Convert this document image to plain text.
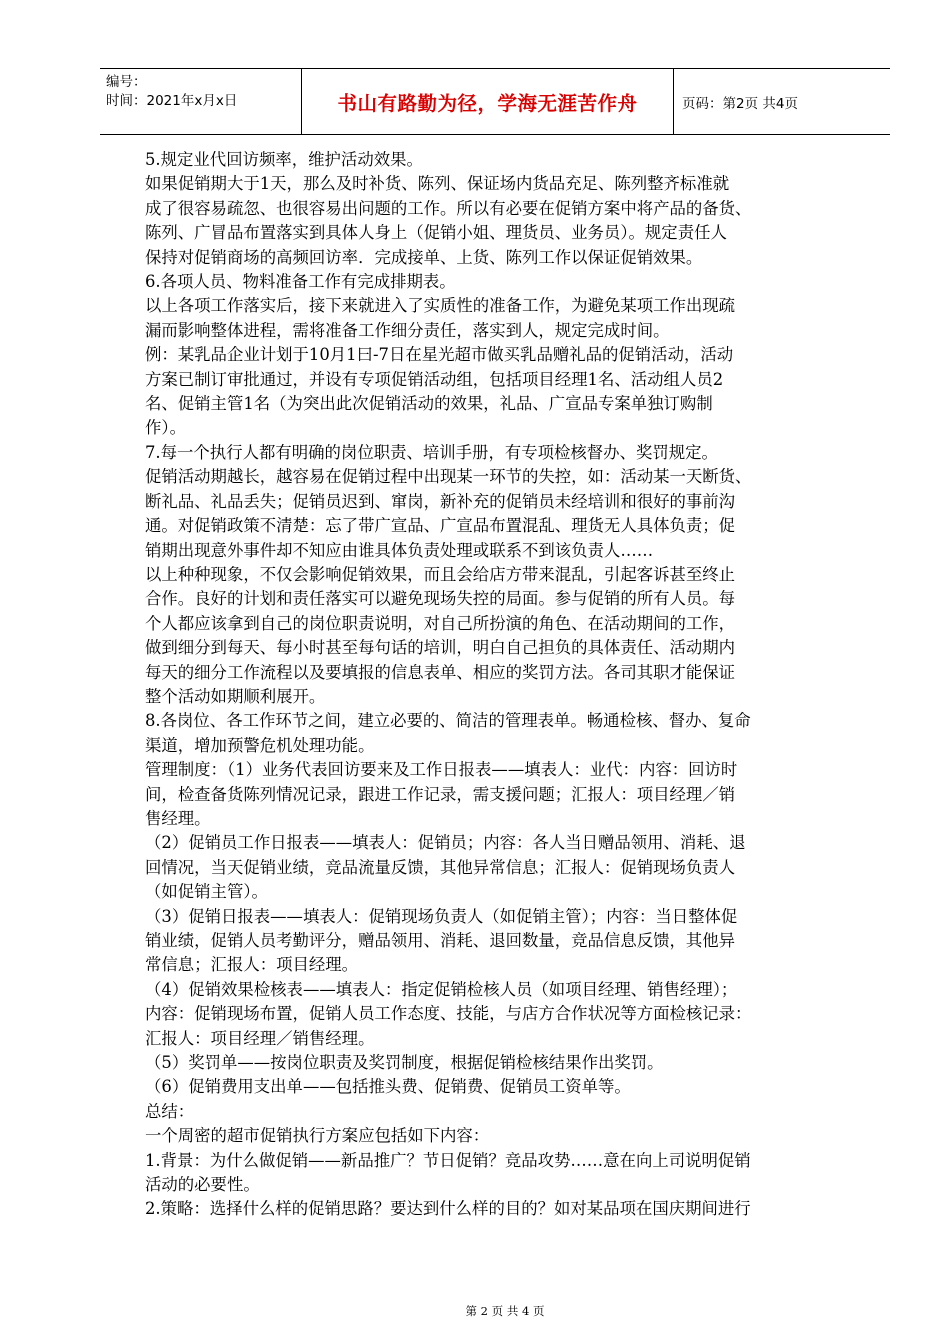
编号：
时间：2021年x月x日	书山有路勤为径，学海无涯苦作舟	页码：第2页 共4页

5.规定业代回访频率，维护活动效果。

如果促销期大于1天，那么及时补货、陈列、保证场内货品充足、陈列整齐标准就

成了很容易疏忽、也很容易出问题的工作。所以有必要在促销方案中将产品的备货、

陈列、广冒品布置落实到具体人身上（促销小姐、理货员、业务员）。规定责任人

保持对促销商场的高频回访率．完成接单、上货、陈列工作以保证促销效果。

6.各项人员、物料准备工作有完成排期表。

以上各项工作落实后，接下来就进入了实质性的准备工作，为避免某项工作出现疏

漏而影响整体进程，需将准备工作细分责任，落实到人，规定完成时间。

例：某乳品企业计划于10月1曰-7日在星光超市做买乳品赠礼品的促销活动，活动

方案已制订审批通过，并设有专项促销活动组，包括项目经理1名、活动组人员2

名、促销主管1名（为突出此次促销活动的效果，礼品、广宣品专案单独订购制

作）。

7.每一个执行人都有明确的岗位职责、培训手册，有专项检核督办、奖罚规定。

促销活动期越长，越容易在促销过程中出现某一环节的失控，如：活动某一天断货、

断礼品、礼品丢失；促销员迟到、窜岗，新补充的促销员未经培训和很好的事前沟

通。对促销政策不清楚：忘了带广宣品、广宣品布置混乱、理货无人具体负责；促

销期出现意外事件却不知应由谁具体负责处理或联系不到该负责人……

以上种种现象，不仅会影响促销效果，而且会给店方带来混乱，引起客诉甚至终止

合作。良好的计划和责任落实可以避免现场失控的局面。参与促销的所有人员。每

个人都应该拿到自己的岗位职责说明，对自己所扮演的角色、在活动期间的工作，

做到细分到每天、每小时甚至每句话的培训，明白自己担负的具体责任、活动期内

每天的细分工作流程以及要填报的信息表单、相应的奖罚方法。各司其职才能保证

整个活动如期顺利展开。

8.各岗位、各工作环节之间，建立必要的、简洁的管理表单。畅通检核、督办、复命

渠道，增加预警危机处理功能。

管理制度：（1）业务代表回访要来及工作日报表——填表人：业代：内容：回访时

间，检查备货陈列情况记录，跟进工作记录，需支援问题；汇报人：项目经理／销

售经理。

（2）促销员工作日报表——填表人：促销员；内容：各人当日赠品领用、消耗、退

回情况，当天促销业绩，竞品流量反馈，其他异常信息；汇报人：促销现场负责人

（如促销主管）。

（3）促销日报表——填表人：促销现场负责人（如促销主管）；内容：当日整体促

销业绩，促销人员考勤评分，赠品领用、消耗、退回数量，竞品信息反馈，其他异

常信息；汇报人：项目经理。

（4）促销效果检核表——填表人：指定促销检核人员（如项目经理、销售经理）；

内容：促销现场布置，促销人员工作态度、技能，与店方合作状况等方面检核记录：

汇报人：项目经理／销售经理。

（5）奖罚单——按岗位职责及奖罚制度，根据促销检核结果作出奖罚。

（6）促销费用支出单——包括推头费、促销费、促销员工资单等。

总结：

一个周密的超市促销执行方案应包括如下内容：

1.背景：为什么做促销——新品推广？节日促销？竞品攻势……意在向上司说明促销

活动的必要性。

2.策略：选择什么样的促销思路？要达到什么样的目的？如对某品项在国庆期间进行

第 2 页 共 4 页
